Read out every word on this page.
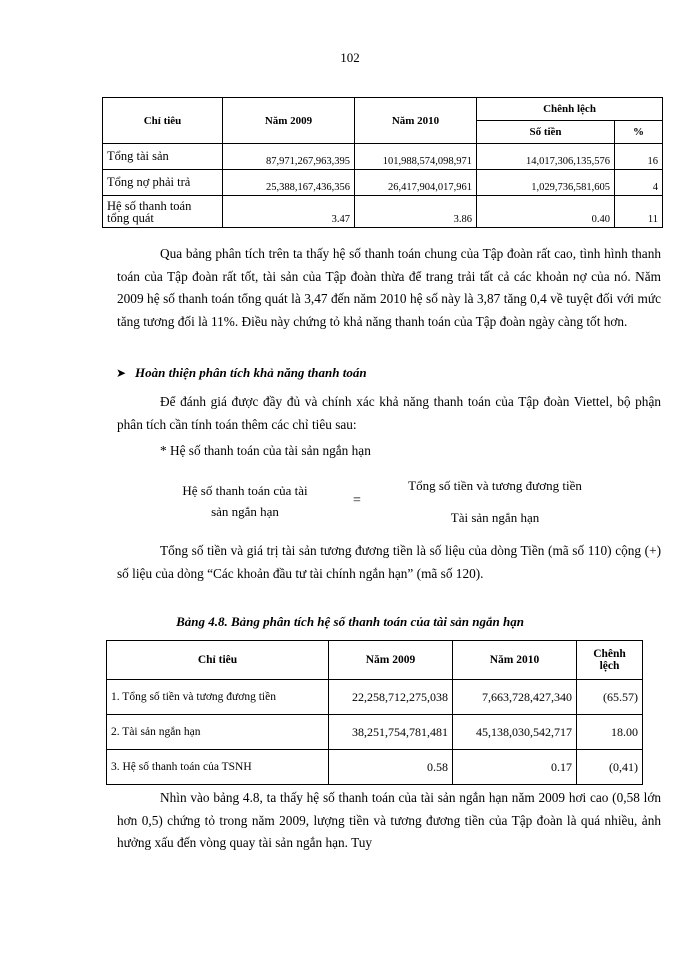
102
Chỉ tiêu	Năm 2009	Năm 2010	Chênh lệch	
			Số tiền	%
Tổng tài sản	87,971,267,963,395	101,988,574,098,971	14,017,306,135,576	16
Tổng nợ phải trả	25,388,167,436,356	26,417,904,017,961	1,029,736,581,605	4

Hệ số thanh toán
tổng quát	3.47	3.86	0.40	11

Qua bảng phân tích trên ta thấy hệ số thanh toán chung của Tập đoàn rất cao, tình hình thanh toán của Tập đoàn rất tốt, tài sản của Tập đoàn thừa để trang trải tất cả các khoản nợ của nó. Năm 2009 hệ số thanh toán tổng quát là 3,47 đến năm 2010 hệ số này là 3,87 tăng 0,4 về tuyệt đối với mức tăng tương đối là 11%. Điều này chứng tỏ khả năng thanh toán của Tập đoàn ngày càng tốt hơn.

➤ Hoàn thiện phân tích khả năng thanh toán

Để đánh giá được đầy đủ và chính xác khả năng thanh toán của Tập đoàn Viettel, bộ phận phân tích cần tính toán thêm các chỉ tiêu sau:

* Hệ số thanh toán của tài sản ngắn hạn
Hệ số thanh toán của tài
sản ngắn hạn
=
Tổng số tiền và tương đương tiền
Tài sản ngắn hạn

Tổng số tiền và giá trị tài sản tương đương tiền là số liệu của dòng Tiền (mã số 110) cộng (+) số liệu của dòng “Các khoản đầu tư tài chính ngắn hạn” (mã số 120).

Bảng 4.8. Bảng phân tích hệ số thanh toán của tài sản ngắn hạn
Chỉ tiêu	Năm 2009	Năm 2010	Chênh
lệch

1. Tổng số tiền và tương đương tiền	22,258,712,275,038	7,663,728,427,340	(65.57)
2. Tài sản ngắn hạn	38,251,754,781,481	45,138,030,542,717	18.00
3. Hệ số thanh toán của TSNH	0.58	0.17	(0,41)

Nhìn vào bảng 4.8, ta thấy hệ số thanh toán của tài sản ngắn hạn năm 2009 hơi cao (0,58 lớn hơn 0,5) chứng tỏ trong năm 2009, lượng tiền và tương đương tiền của Tập đoàn là quá nhiều, ảnh hưởng xấu đến vòng quay tài sản ngắn hạn. Tuy
